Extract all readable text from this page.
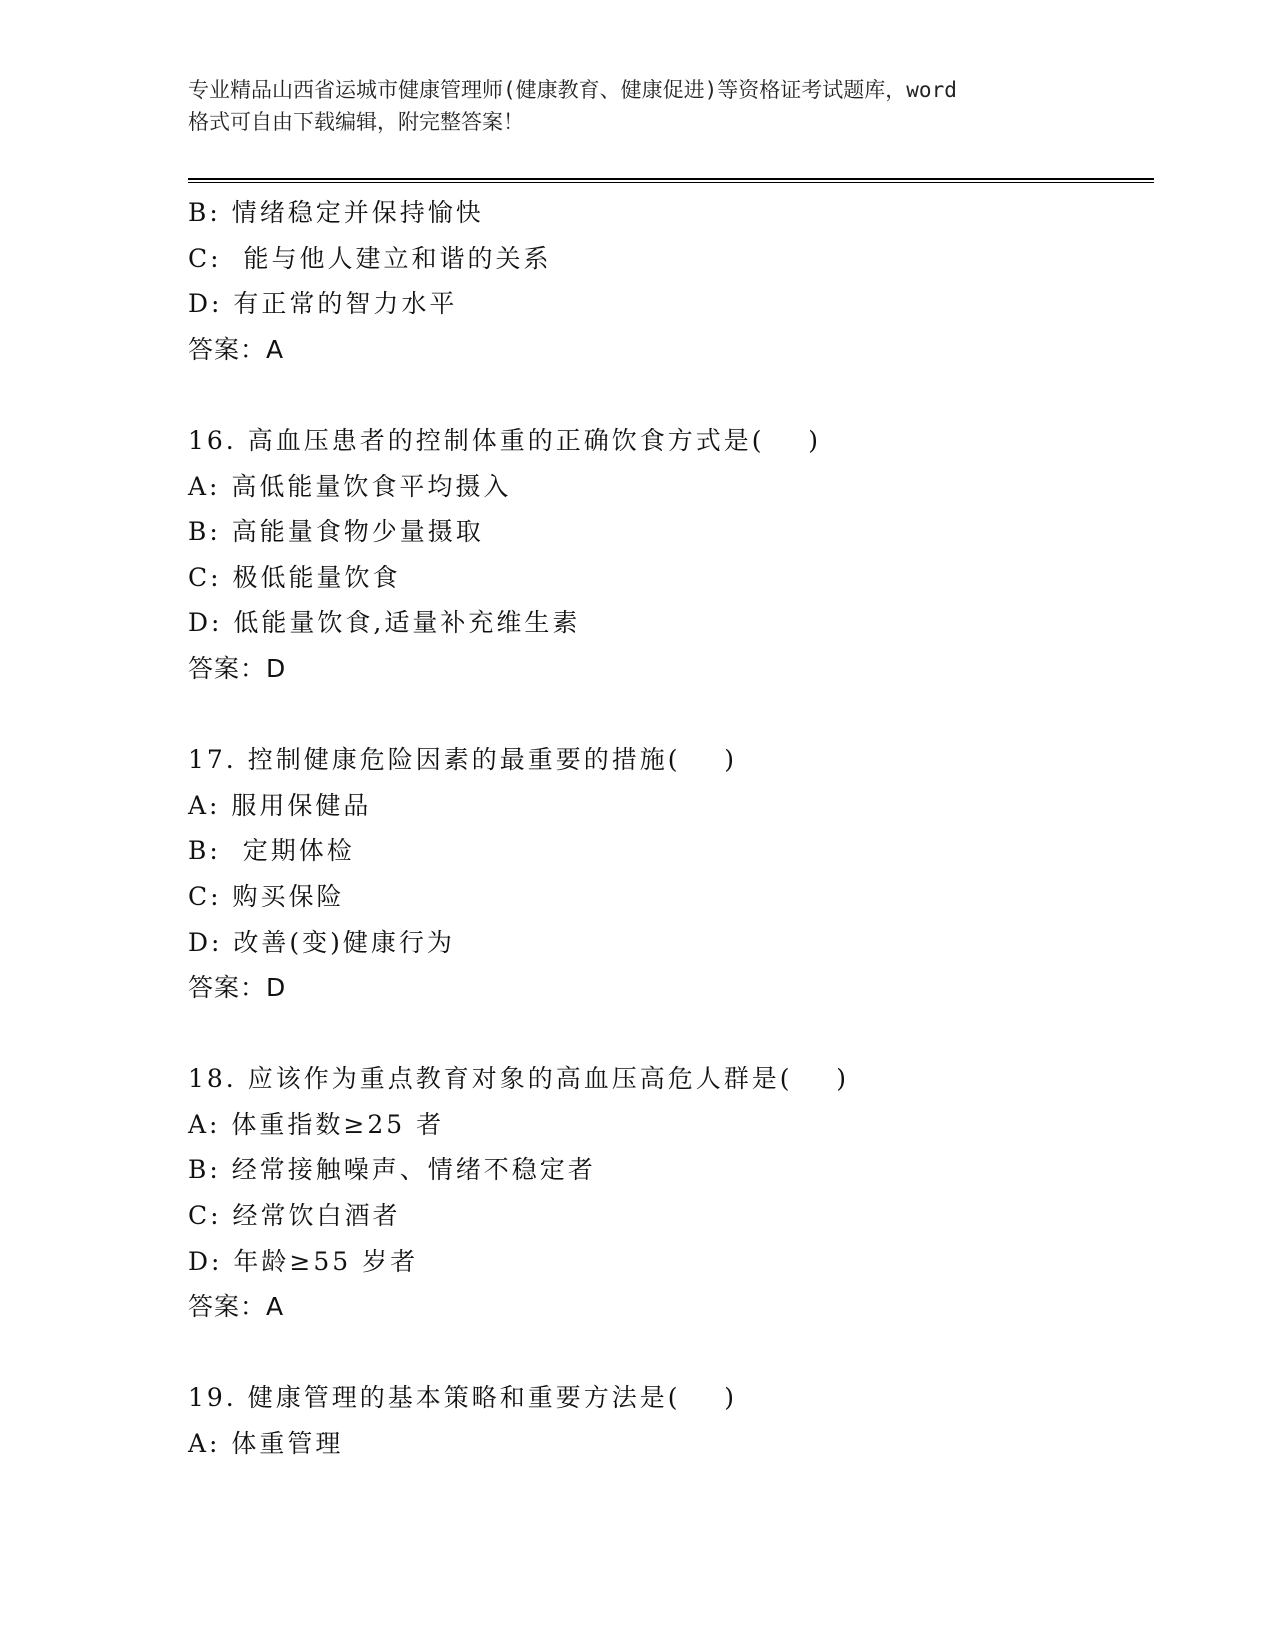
专业精品山西省运城市健康管理师(健康教育、健康促进)等资格证考试题库，word
格式可自由下载编辑，附完整答案！
B: 情绪稳定并保持愉快
C:  能与他人建立和谐的关系
D: 有正常的智力水平
答案：A
16. 高血压患者的控制体重的正确饮食方式是(    )
A: 高低能量饮食平均摄入
B: 高能量食物少量摄取
C: 极低能量饮食
D: 低能量饮食,适量补充维生素
答案：D
17. 控制健康危险因素的最重要的措施(    )
A: 服用保健品
B:  定期体检
C: 购买保险
D: 改善(变)健康行为
答案：D
18. 应该作为重点教育对象的高血压高危人群是(    )
A: 体重指数≥25 者
B: 经常接触噪声、情绪不稳定者
C: 经常饮白酒者
D: 年龄≥55 岁者
答案：A
19. 健康管理的基本策略和重要方法是(    )
A: 体重管理
